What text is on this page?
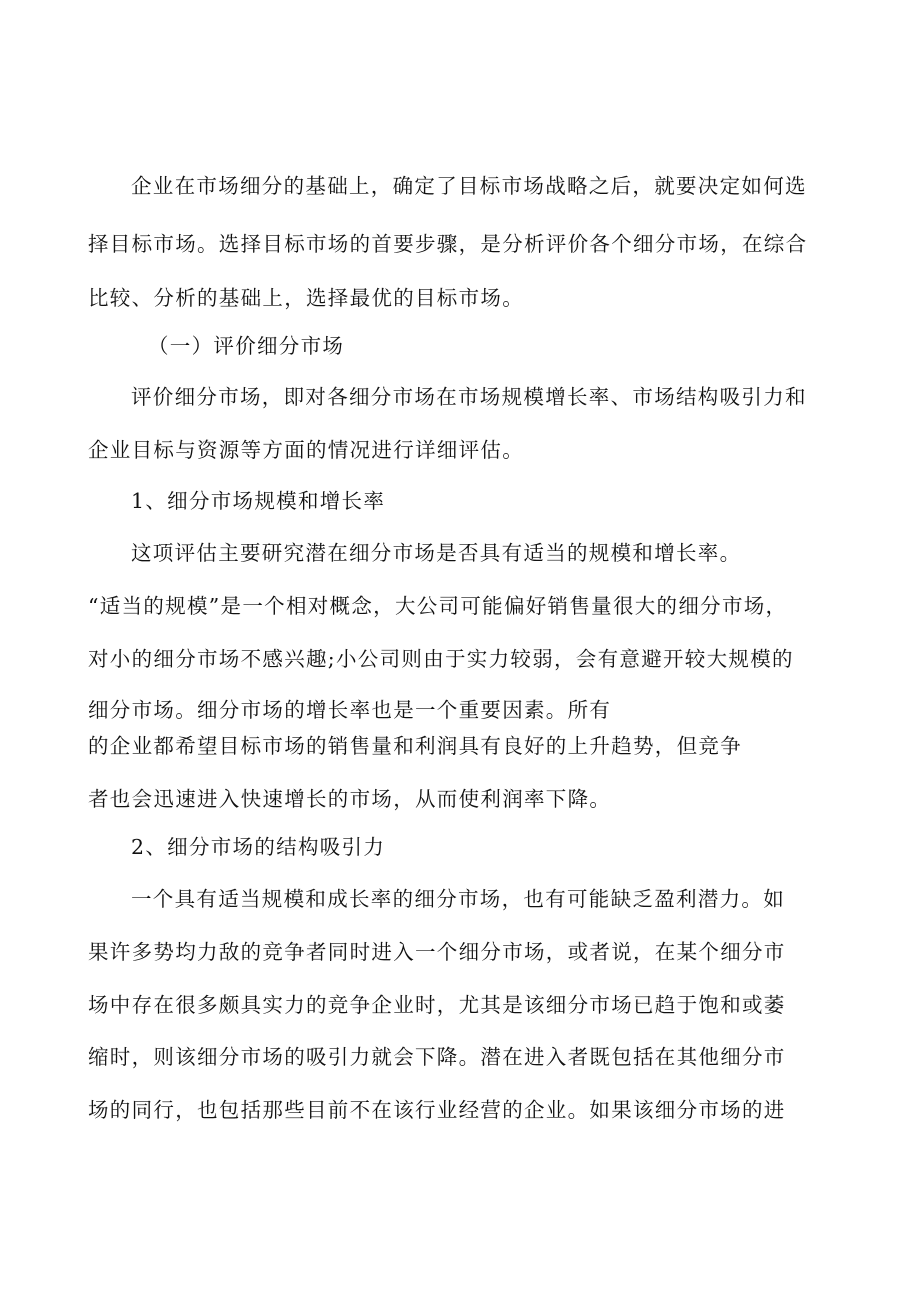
企业在市场细分的基础上，确定了目标市场战略之后，就要决定如何选
择目标市场。选择目标市场的首要步骤，是分析评价各个细分市场，在综合
比较、分析的基础上，选择最优的目标市场。
（一）评价细分市场
评价细分市场，即对各细分市场在市场规模增长率、市场结构吸引力和
企业目标与资源等方面的情况进行详细评估。
1、细分市场规模和增长率
这项评估主要研究潜在细分市场是否具有适当的规模和增长率。
“适当的规模”是一个相对概念，大公司可能偏好销售量很大的细分市场，
对小的细分市场不感兴趣;小公司则由于实力较弱，会有意避开较大规模的
细分市场。细分市场的增长率也是一个重要因素。所有
的企业都希望目标市场的销售量和利润具有良好的上升趋势，但竞争
者也会迅速进入快速增长的市场，从而使利润率下降。
2、细分市场的结构吸引力
一个具有适当规模和成长率的细分市场，也有可能缺乏盈利潜力。如
果许多势均力敌的竞争者同时进入一个细分市场，或者说，在某个细分市
场中存在很多颇具实力的竞争企业时，尤其是该细分市场已趋于饱和或萎
缩时，则该细分市场的吸引力就会下降。潜在进入者既包括在其他细分市
场的同行，也包括那些目前不在该行业经营的企业。如果该细分市场的进
